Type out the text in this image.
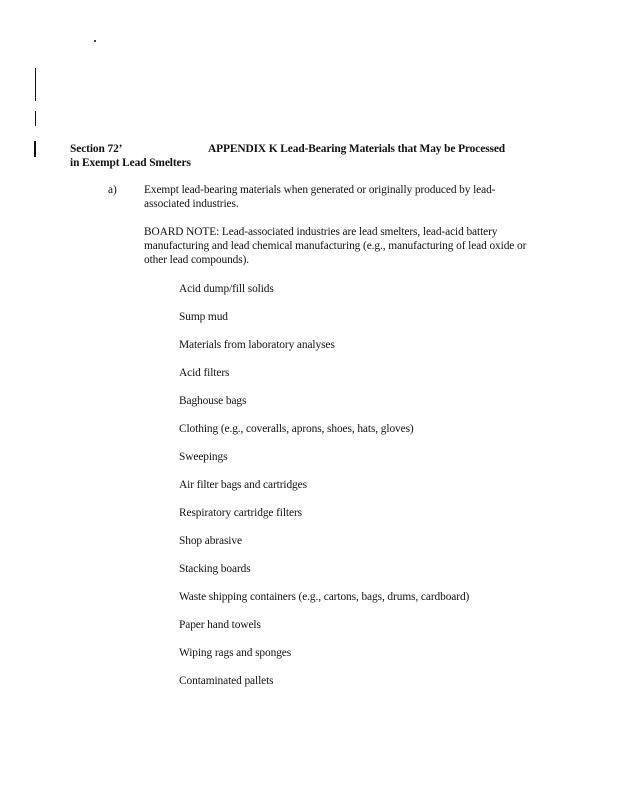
Section 72’	APPENDIX K Lead-Bearing Materials that May be Processed
in Exempt Lead Smelters
a) Exempt lead-bearing materials when generated or originally produced by lead-associated industries.
BOARD NOTE: Lead-associated industries are lead smelters, lead-acid battery manufacturing and lead chemical manufacturing (e.g., manufacturing of lead oxide or other lead compounds).
Acid dump/fill solids
Sump mud
Materials from laboratory analyses
Acid filters
Baghouse bags
Clothing (e.g., coveralls, aprons, shoes, hats, gloves)
Sweepings
Air filter bags and cartridges
Respiratory cartridge filters
Shop abrasive
Stacking boards
Waste shipping containers (e.g., cartons, bags, drums, cardboard)
Paper hand towels
Wiping rags and sponges
Contaminated pallets
